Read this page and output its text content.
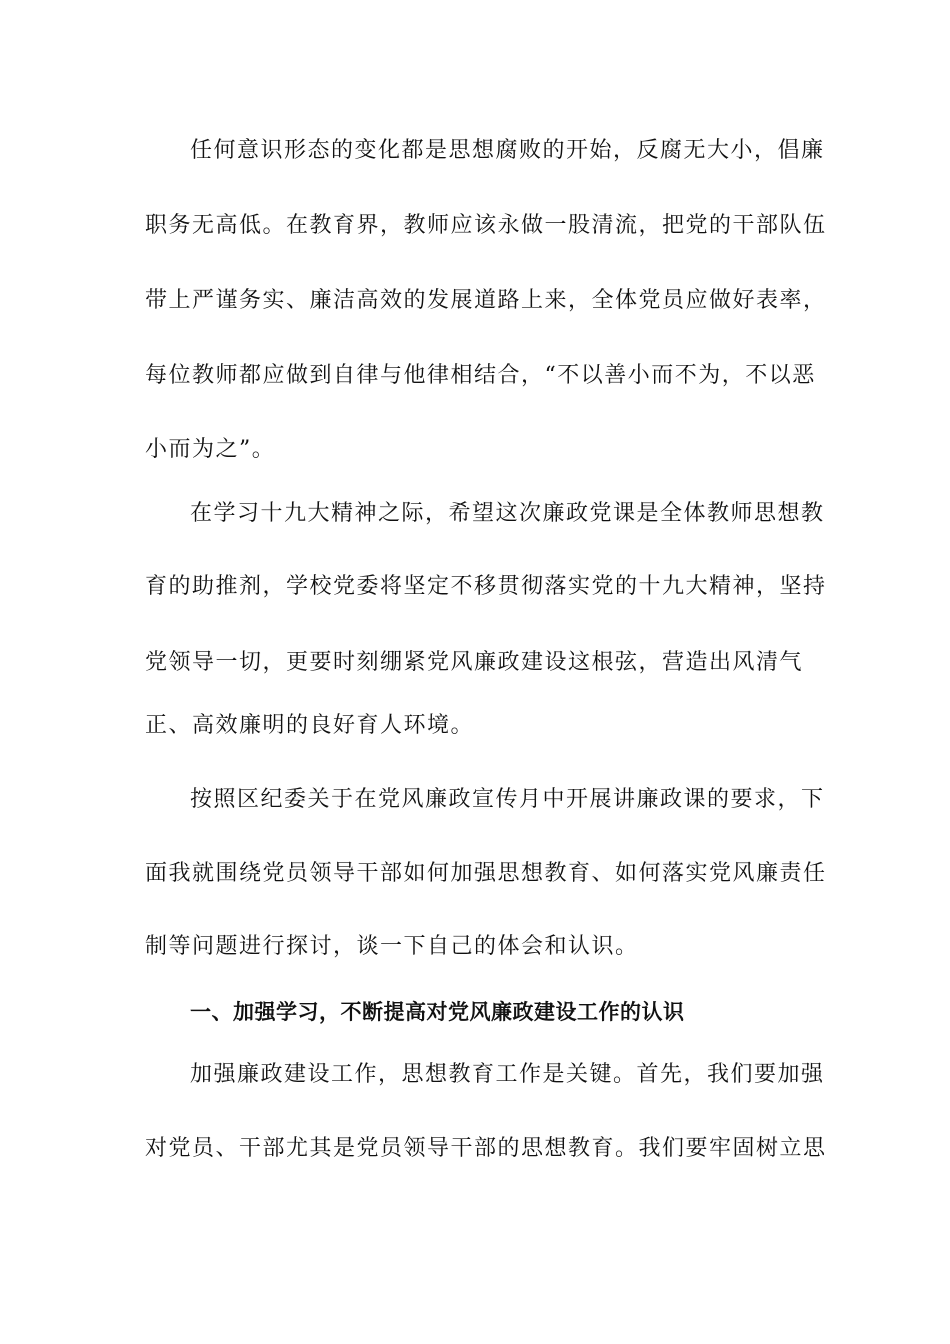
任何意识形态的变化都是思想腐败的开始，反腐无大小，倡廉
职务无高低。在教育界，教师应该永做一股清流，把党的干部队伍
带上严谨务实、廉洁高效的发展道路上来，全体党员应做好表率，
每位教师都应做到自律与他律相结合，“不以善小而不为，不以恶
小而为之”。
在学习十九大精神之际，希望这次廉政党课是全体教师思想教
育的助推剂，学校党委将坚定不移贯彻落实党的十九大精神，坚持
党领导一切，更要时刻绷紧党风廉政建设这根弦，营造出风清气
正、高效廉明的良好育人环境。
按照区纪委关于在党风廉政宣传月中开展讲廉政课的要求，下
面我就围绕党员领导干部如何加强思想教育、如何落实党风廉责任
制等问题进行探讨，谈一下自己的体会和认识。
一、加强学习，不断提高对党风廉政建设工作的认识
加强廉政建设工作，思想教育工作是关键。首先，我们要加强
对党员、干部尤其是党员领导干部的思想教育。我们要牢固树立思
